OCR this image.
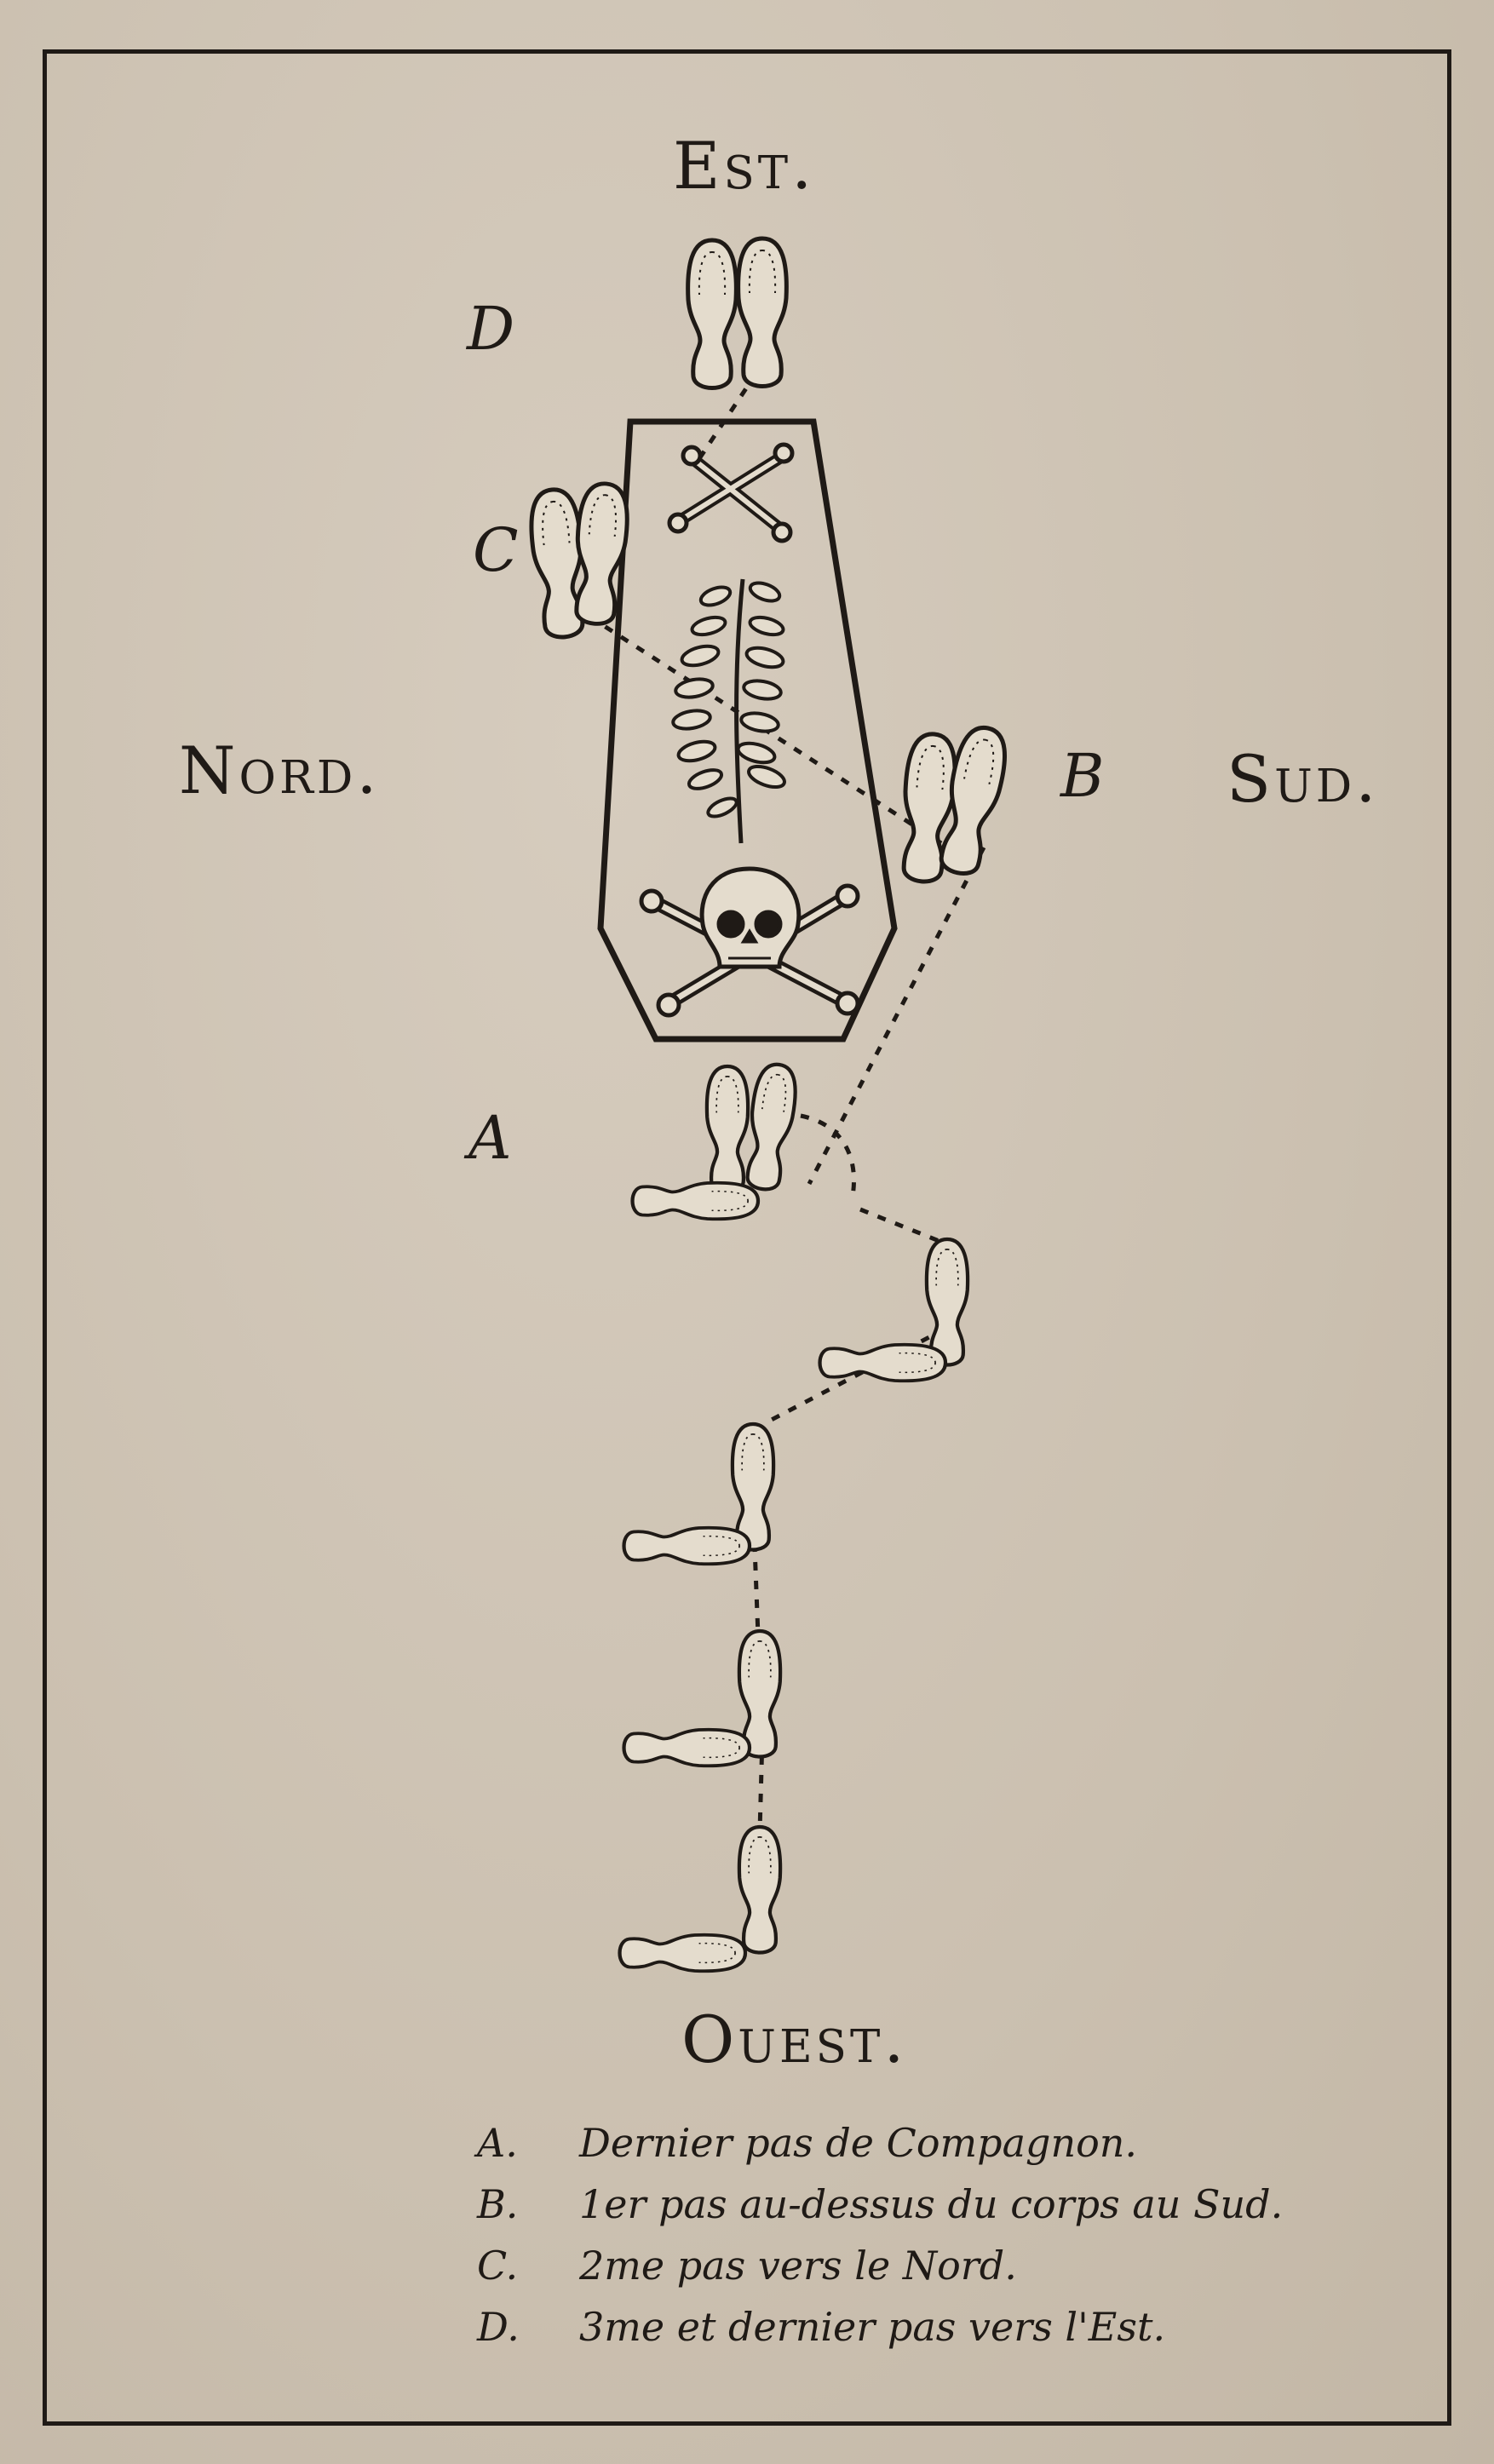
Est.
Ouest.
Nord.	Sud.
D
C
B
A
A.	Dernier pas de Compagnon.
B.	1er pas au-dessus du corps au Sud.
C.	2me pas vers le Nord.
D.	3me et dernier pas vers l'Est.
